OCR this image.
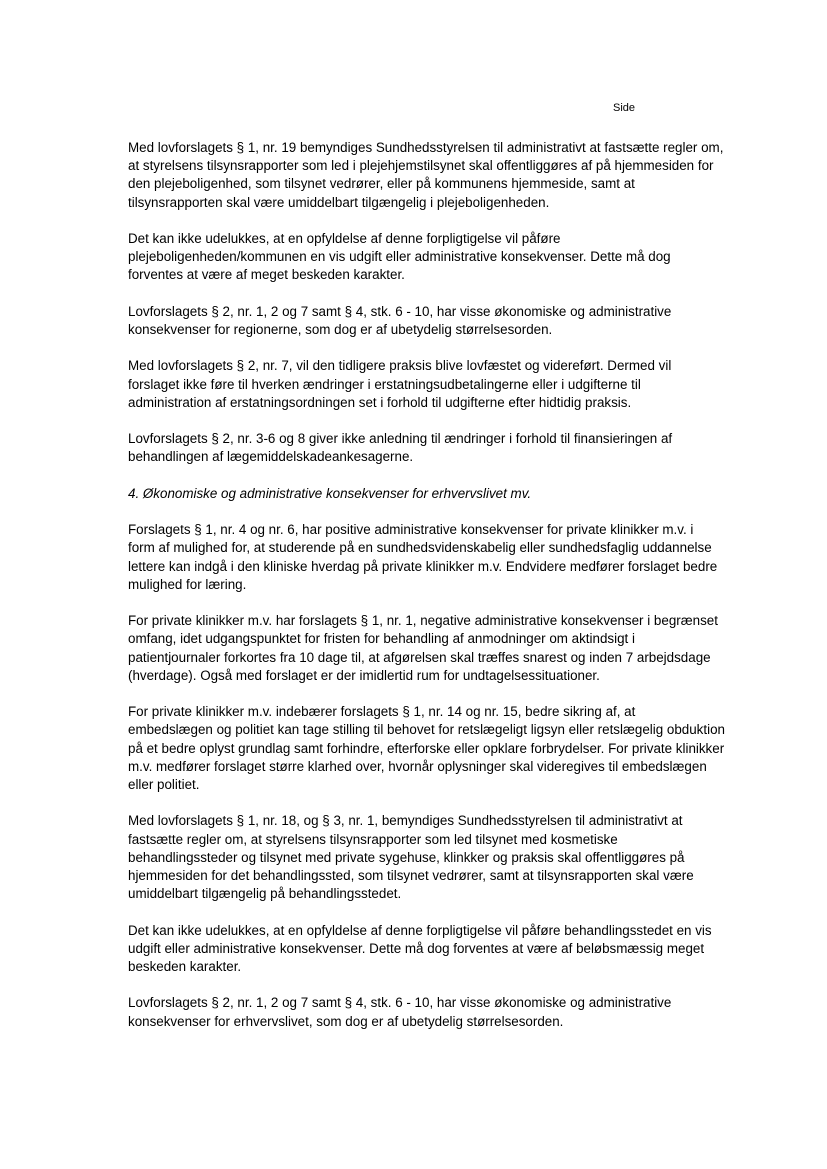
Side

Med lovforslagets § 1, nr. 19 bemyndiges Sundhedsstyrelsen til administrativt at fastsætte regler om,
at styrelsens tilsynsrapporter som led i plejehjemstilsynet skal offentliggøres af på hjemmesiden for
den plejeboligenhed, som tilsynet vedrører, eller på kommunens hjemmeside, samt at
tilsynsrapporten skal være umiddelbart tilgængelig i plejeboligenheden.

Det kan ikke udelukkes, at en opfyldelse af denne forpligtigelse vil påføre
plejeboligenheden/kommunen en vis udgift eller administrative konsekvenser. Dette må dog
forventes at være af meget beskeden karakter.

Lovforslagets § 2, nr. 1, 2 og 7 samt § 4, stk. 6 - 10, har visse økonomiske og administrative
konsekvenser for regionerne, som dog er af ubetydelig størrelsesorden.

Med lovforslagets § 2, nr. 7, vil den tidligere praksis blive lovfæstet og videreført. Dermed vil
forslaget ikke føre til hverken ændringer i erstatningsudbetalingerne eller i udgifterne til
administration af erstatningsordningen set i forhold til udgifterne efter hidtidig praksis.

Lovforslagets § 2, nr. 3-6 og 8 giver ikke anledning til ændringer i forhold til finansieringen af
behandlingen af lægemiddelskadeankesagerne.

4. Økonomiske og administrative konsekvenser for erhvervslivet mv.

Forslagets § 1, nr. 4 og nr. 6, har positive administrative konsekvenser for private klinikker m.v. i
form af mulighed for, at studerende på en sundhedsvidenskabelig eller sundhedsfaglig uddannelse
lettere kan indgå i den kliniske hverdag på private klinikker m.v. Endvidere medfører forslaget bedre
mulighed for læring.

For private klinikker m.v. har forslagets § 1, nr. 1, negative administrative konsekvenser i begrænset
omfang, idet udgangspunktet for fristen for behandling af anmodninger om aktindsigt i
patientjournaler forkortes fra 10 dage til, at afgørelsen skal træffes snarest og inden 7 arbejdsdage
(hverdage). Også med forslaget er der imidlertid rum for undtagelsessituationer.

For private klinikker m.v. indebærer forslagets § 1, nr. 14 og nr. 15, bedre sikring af, at
embedslægen og politiet kan tage stilling til behovet for retslægeligt ligsyn eller retslægelig obduktion
på et bedre oplyst grundlag samt forhindre, efterforske eller opklare forbrydelser. For private klinikker
m.v. medfører forslaget større klarhed over, hvornår oplysninger skal videregives til embedslægen
eller politiet.

Med lovforslagets § 1, nr. 18, og § 3, nr. 1, bemyndiges Sundhedsstyrelsen til administrativt at
fastsætte regler om, at styrelsens tilsynsrapporter som led tilsynet med kosmetiske
behandlingssteder og tilsynet med private sygehuse, klinkker og praksis skal offentliggøres på
hjemmesiden for det behandlingssted, som tilsynet vedrører, samt at tilsynsrapporten skal være
umiddelbart tilgængelig på behandlingsstedet.

Det kan ikke udelukkes, at en opfyldelse af denne forpligtigelse vil påføre behandlingsstedet en vis
udgift eller administrative konsekvenser. Dette må dog forventes at være af beløbsmæssig meget
beskeden karakter.

Lovforslagets § 2, nr. 1, 2 og 7 samt § 4, stk. 6 - 10, har visse økonomiske og administrative
konsekvenser for erhvervslivet, som dog er af ubetydelig størrelsesorden.
